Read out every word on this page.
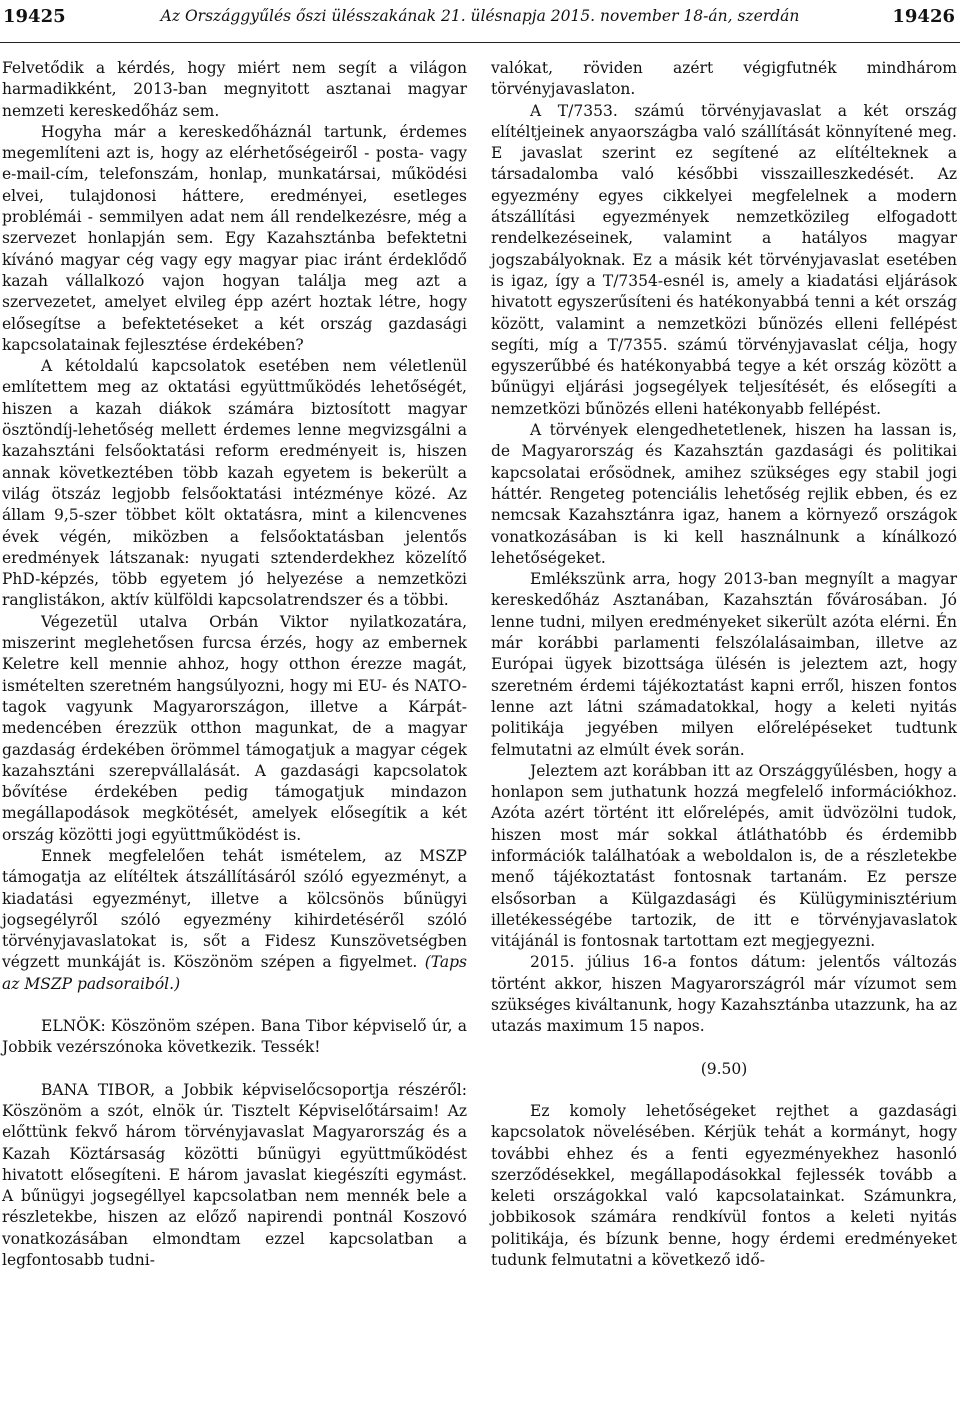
19425	Az Országgyűlés őszi ülésszakának 21. ülésnapja 2015. november 18-án, szerdán	19426

Felvetődik a kérdés, hogy miért nem segít a világon harmadikként, 2013-ban megnyitott asztanai magyar nemzeti kereskedőház sem.

Hogyha már a kereskedőháznál tartunk, érdemes megemlíteni azt is, hogy az elérhetőségeiről - posta- vagy e-mail-cím, telefonszám, honlap, munkatársai, működési elvei, tulajdonosi háttere, eredményei, esetleges problémái - semmilyen adat nem áll rendelkezésre, még a szervezet honlapján sem. Egy Kazahsztánba befektetni kívánó magyar cég vagy egy magyar piac iránt érdeklődő kazah vállalkozó vajon hogyan találja meg azt a szervezetet, amelyet elvileg épp azért hoztak létre, hogy elősegítse a befektetéseket a két ország gazdasági kapcsolatainak fejlesztése érdekében?

A kétoldalú kapcsolatok esetében nem véletlenül említettem meg az oktatási együttműködés lehetőségét, hiszen a kazah diákok számára biztosított magyar ösztöndíj-lehetőség mellett érdemes lenne megvizsgálni a kazahsztáni felsőoktatási reform eredményeit is, hiszen annak következtében több kazah egyetem is bekerült a világ ötszáz legjobb felsőoktatási intézménye közé. Az állam 9,5-szer többet költ oktatásra, mint a kilencvenes évek végén, miközben a felsőoktatásban jelentős eredmények látszanak: nyugati sztenderdekhez közelítő PhD-képzés, több egyetem jó helyezése a nemzetközi ranglistákon, aktív külföldi kapcsolatrendszer és a többi.

Végezetül utalva Orbán Viktor nyilatkozatára, miszerint meglehetősen furcsa érzés, hogy az embernek Keletre kell mennie ahhoz, hogy otthon érezze magát, ismételten szeretném hangsúlyozni, hogy mi EU- és NATO-tagok vagyunk Magyarországon, illetve a Kárpát-medencében érezzük otthon magunkat, de a magyar gazdaság érdekében örömmel támogatjuk a magyar cégek kazahsztáni szerepvállalását. A gazdasági kapcsolatok bővítése érdekében pedig támogatjuk mindazon megállapodások megkötését, amelyek elősegítik a két ország közötti jogi együttműködést is.

Ennek megfelelően tehát ismételem, az MSZP támogatja az elítéltek átszállításáról szóló egyezményt, a kiadatási egyezményt, illetve a kölcsönös bűnügyi jogsegélyről szóló egyezmény kihirdetéséről szóló törvényjavaslatokat is, sőt a Fidesz Kunszövetségben végzett munkáját is. Köszönöm szépen a figyelmet. (Taps az MSZP padsoraiból.)

ELNÖK: Köszönöm szépen. Bana Tibor képviselő úr, a Jobbik vezérszónoka következik. Tessék!

BANA TIBOR, a Jobbik képviselőcsoportja részéről: Köszönöm a szót, elnök úr. Tisztelt Képviselőtársaim! Az előttünk fekvő három törvényjavaslat Magyarország és a Kazah Köztársaság közötti bűnügyi együttműködést hivatott elősegíteni. E három javaslat kiegészíti egymást. A bűnügyi jogsegéllyel kapcsolatban nem mennék bele a részletekbe, hiszen az előző napirendi pontnál Koszovó vonatkozásában elmondtam ezzel kapcsolatban a legfontosabb tudni-

valókat, röviden azért végigfutnék mindhárom törvényjavaslaton.

A T/7353. számú törvényjavaslat a két ország elítéltjeinek anyaországba való szállítását könnyítené meg. E javaslat szerint ez segítené az elítélteknek a társadalomba való későbbi visszailleszkedését. Az egyezmény egyes cikkelyei megfelelnek a modern átszállítási egyezmények nemzetközileg elfogadott rendelkezéseinek, valamint a hatályos magyar jogszabályoknak. Ez a másik két törvényjavaslat esetében is igaz, így a T/7354-esnél is, amely a kiadatási eljárások hivatott egyszerűsíteni és hatékonyabbá tenni a két ország között, valamint a nemzetközi bűnözés elleni fellépést segíti, míg a T/7355. számú törvényjavaslat célja, hogy egyszerűbbé és hatékonyabbá tegye a két ország között a bűnügyi eljárási jogsegélyek teljesítését, és elősegíti a nemzetközi bűnözés elleni hatékonyabb fellépést.

A törvények elengedhetetlenek, hiszen ha lassan is, de Magyarország és Kazahsztán gazdasági és politikai kapcsolatai erősödnek, amihez szükséges egy stabil jogi háttér. Rengeteg potenciális lehetőség rejlik ebben, és ez nemcsak Kazahsztánra igaz, hanem a környező országok vonatkozásában is ki kell használnunk a kínálkozó lehetőségeket.

Emlékszünk arra, hogy 2013-ban megnyílt a magyar kereskedőház Asztanában, Kazahsztán fővárosában. Jó lenne tudni, milyen eredményeket sikerült azóta elérni. Én már korábbi parlamenti felszólalásaimban, illetve az Európai ügyek bizottsága ülésén is jeleztem azt, hogy szeretném érdemi tájékoztatást kapni erről, hiszen fontos lenne azt látni számadatokkal, hogy a keleti nyitás politikája jegyében milyen előrelépéseket tudtunk felmutatni az elmúlt évek során.

Jeleztem azt korábban itt az Országgyűlésben, hogy a honlapon sem juthatunk hozzá megfelelő információkhoz. Azóta azért történt itt előrelépés, amit üdvözölni tudok, hiszen most már sokkal átláthatóbb és érdemibb információk találhatóak a weboldalon is, de a részletekbe menő tájékoztatást fontosnak tartanám. Ez persze elsősorban a Külgazdasági és Külügyminisztérium illetékességébe tartozik, de itt e törvényjavaslatok vitájánál is fontosnak tartottam ezt megjegyezni.

2015. július 16-a fontos dátum: jelentős változás történt akkor, hiszen Magyarországról már vízumot sem szükséges kiváltanunk, hogy Kazahsztánba utazzunk, ha az utazás maximum 15 napos.

(9.50)

Ez komoly lehetőségeket rejthet a gazdasági kapcsolatok növelésében. Kérjük tehát a kormányt, hogy további ehhez és a fenti egyezményekhez hasonló szerződésekkel, megállapodásokkal fejlessék tovább a keleti országokkal való kapcsolatainkat. Számunkra, jobbikosok számára rendkívül fontos a keleti nyitás politikája, és bízunk benne, hogy érdemi eredményeket tudunk felmutatni a következő idő-
